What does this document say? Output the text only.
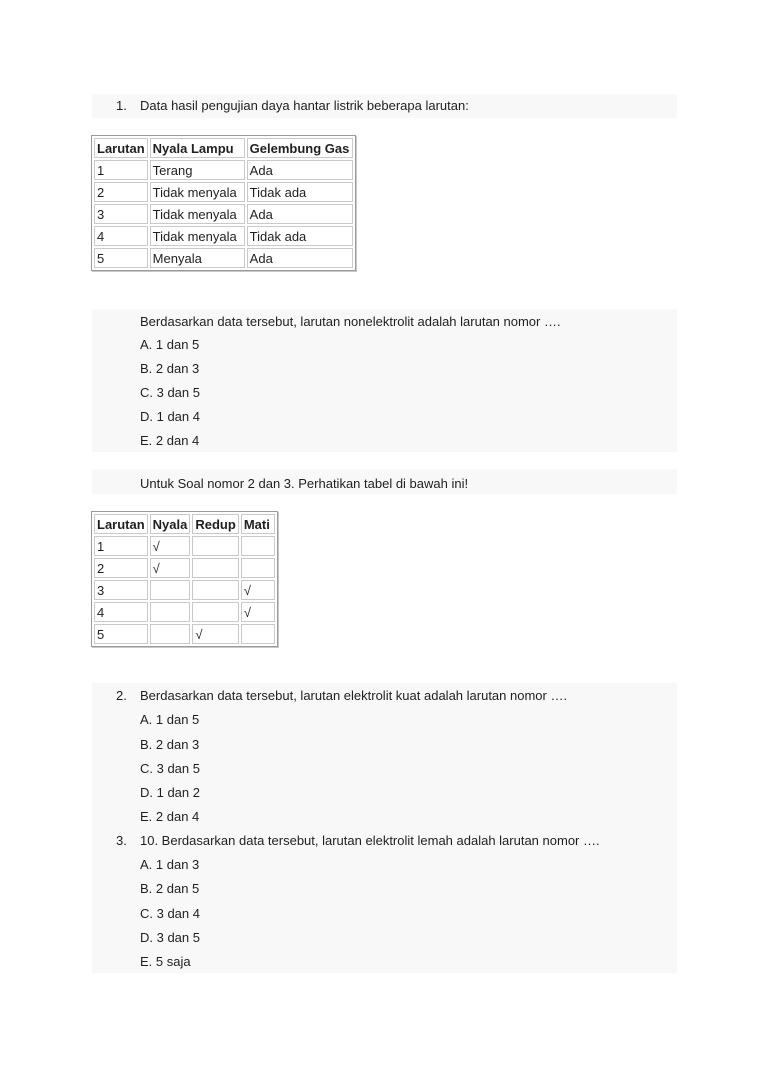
1. Data hasil pengujian daya hantar listrik beberapa larutan:
Larutan	Nyala Lampu	Gelembung Gas
1	Terang	Ada
2	Tidak menyala	Tidak ada
3	Tidak menyala	Ada
4	Tidak menyala	Tidak ada
5	Menyala	Ada
Berdasarkan data tersebut, larutan nonelektrolit adalah larutan nomor ….
A. 1 dan 5
B. 2 dan 3
C. 3 dan 5
D. 1 dan 4
E. 2 dan 4
Untuk Soal nomor 2 dan 3. Perhatikan tabel di bawah ini!
Larutan	Nyala	Redup	Mati
1	√		
2	√		
3			√
4			√
5		√	
2. Berdasarkan data tersebut, larutan elektrolit kuat adalah larutan nomor ….
A. 1 dan 5
B. 2 dan 3
C. 3 dan 5
D. 1 dan 2
E. 2 dan 4
3. 10. Berdasarkan data tersebut, larutan elektrolit lemah adalah larutan nomor ….
A. 1 dan 3
B. 2 dan 5
C. 3 dan 4
D. 3 dan 5
E. 5 saja
